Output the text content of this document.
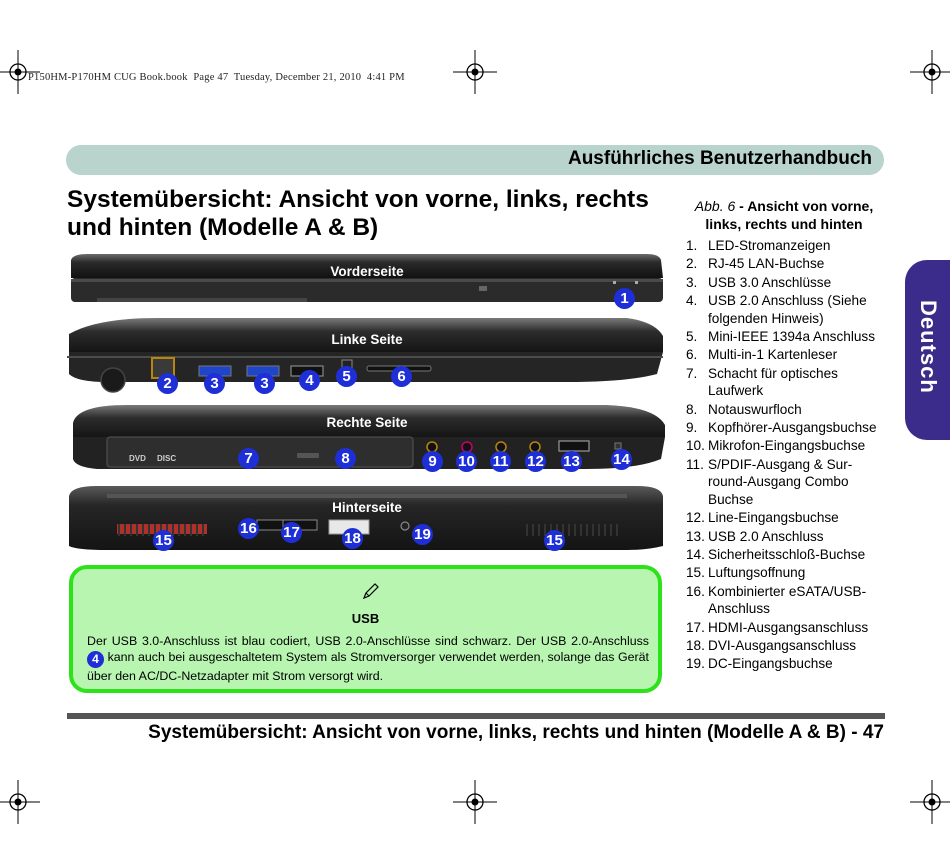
P150HM-P170HM CUG Book.book  Page 47  Tuesday, December 21, 2010  4:41 PM
Ausführliches Benutzerhandbuch
Systemübersicht: Ansicht von vorne, links, rechts und hinten (Modelle A & B)
Deutsch
Abb. 6 - Ansicht von vorne, links, rechts und hinten
1. LED-Stromanzeigen
2. RJ-45 LAN-Buchse
3. USB 3.0 Anschlüsse
4. USB 2.0 Anschluss (Siehe folgenden Hinweis)
5. Mini-IEEE 1394a Anschluss
6. Multi-in-1 Kartenleser
7. Schacht für optisches Laufwerk
8. Notauswurfloch
9. Kopfhörer-Ausgangsbuchse
10. Mikrofon-Eingangsbuchse
11. S/PDIF-Ausgang & Sur-round-Ausgang Combo Buchse
12. Line-Eingangsbuchse
13. USB 2.0 Anschluss
14. Sicherheitsschloß-Buchse
15. Luftungsoffnung
16. Kombinierter eSATA/USB-Anschluss
17. HDMI-Ausgangsanschluss
18. DVI-Ausgangsanschluss
19. DC-Eingangsbuchse
Vorderseite
1
Linke Seite
2	3	3	4	5	6
DVD DISC
Rechte Seite
7	8	9	10 11 12 13 14
Hinterseite
15
16 17	18	19	15
USB
Der USB 3.0-Anschluss ist blau codiert, USB 2.0-Anschlüsse sind schwarz. Der USB 2.0-Anschluss 4 kann auch bei ausgeschaltetem System als Stromversorger verwendet werden, solange das Gerät über den AC/DC-Netzadapter mit Strom versorgt wird.
Systemübersicht: Ansicht von vorne, links, rechts und hinten (Modelle A & B) - 47
